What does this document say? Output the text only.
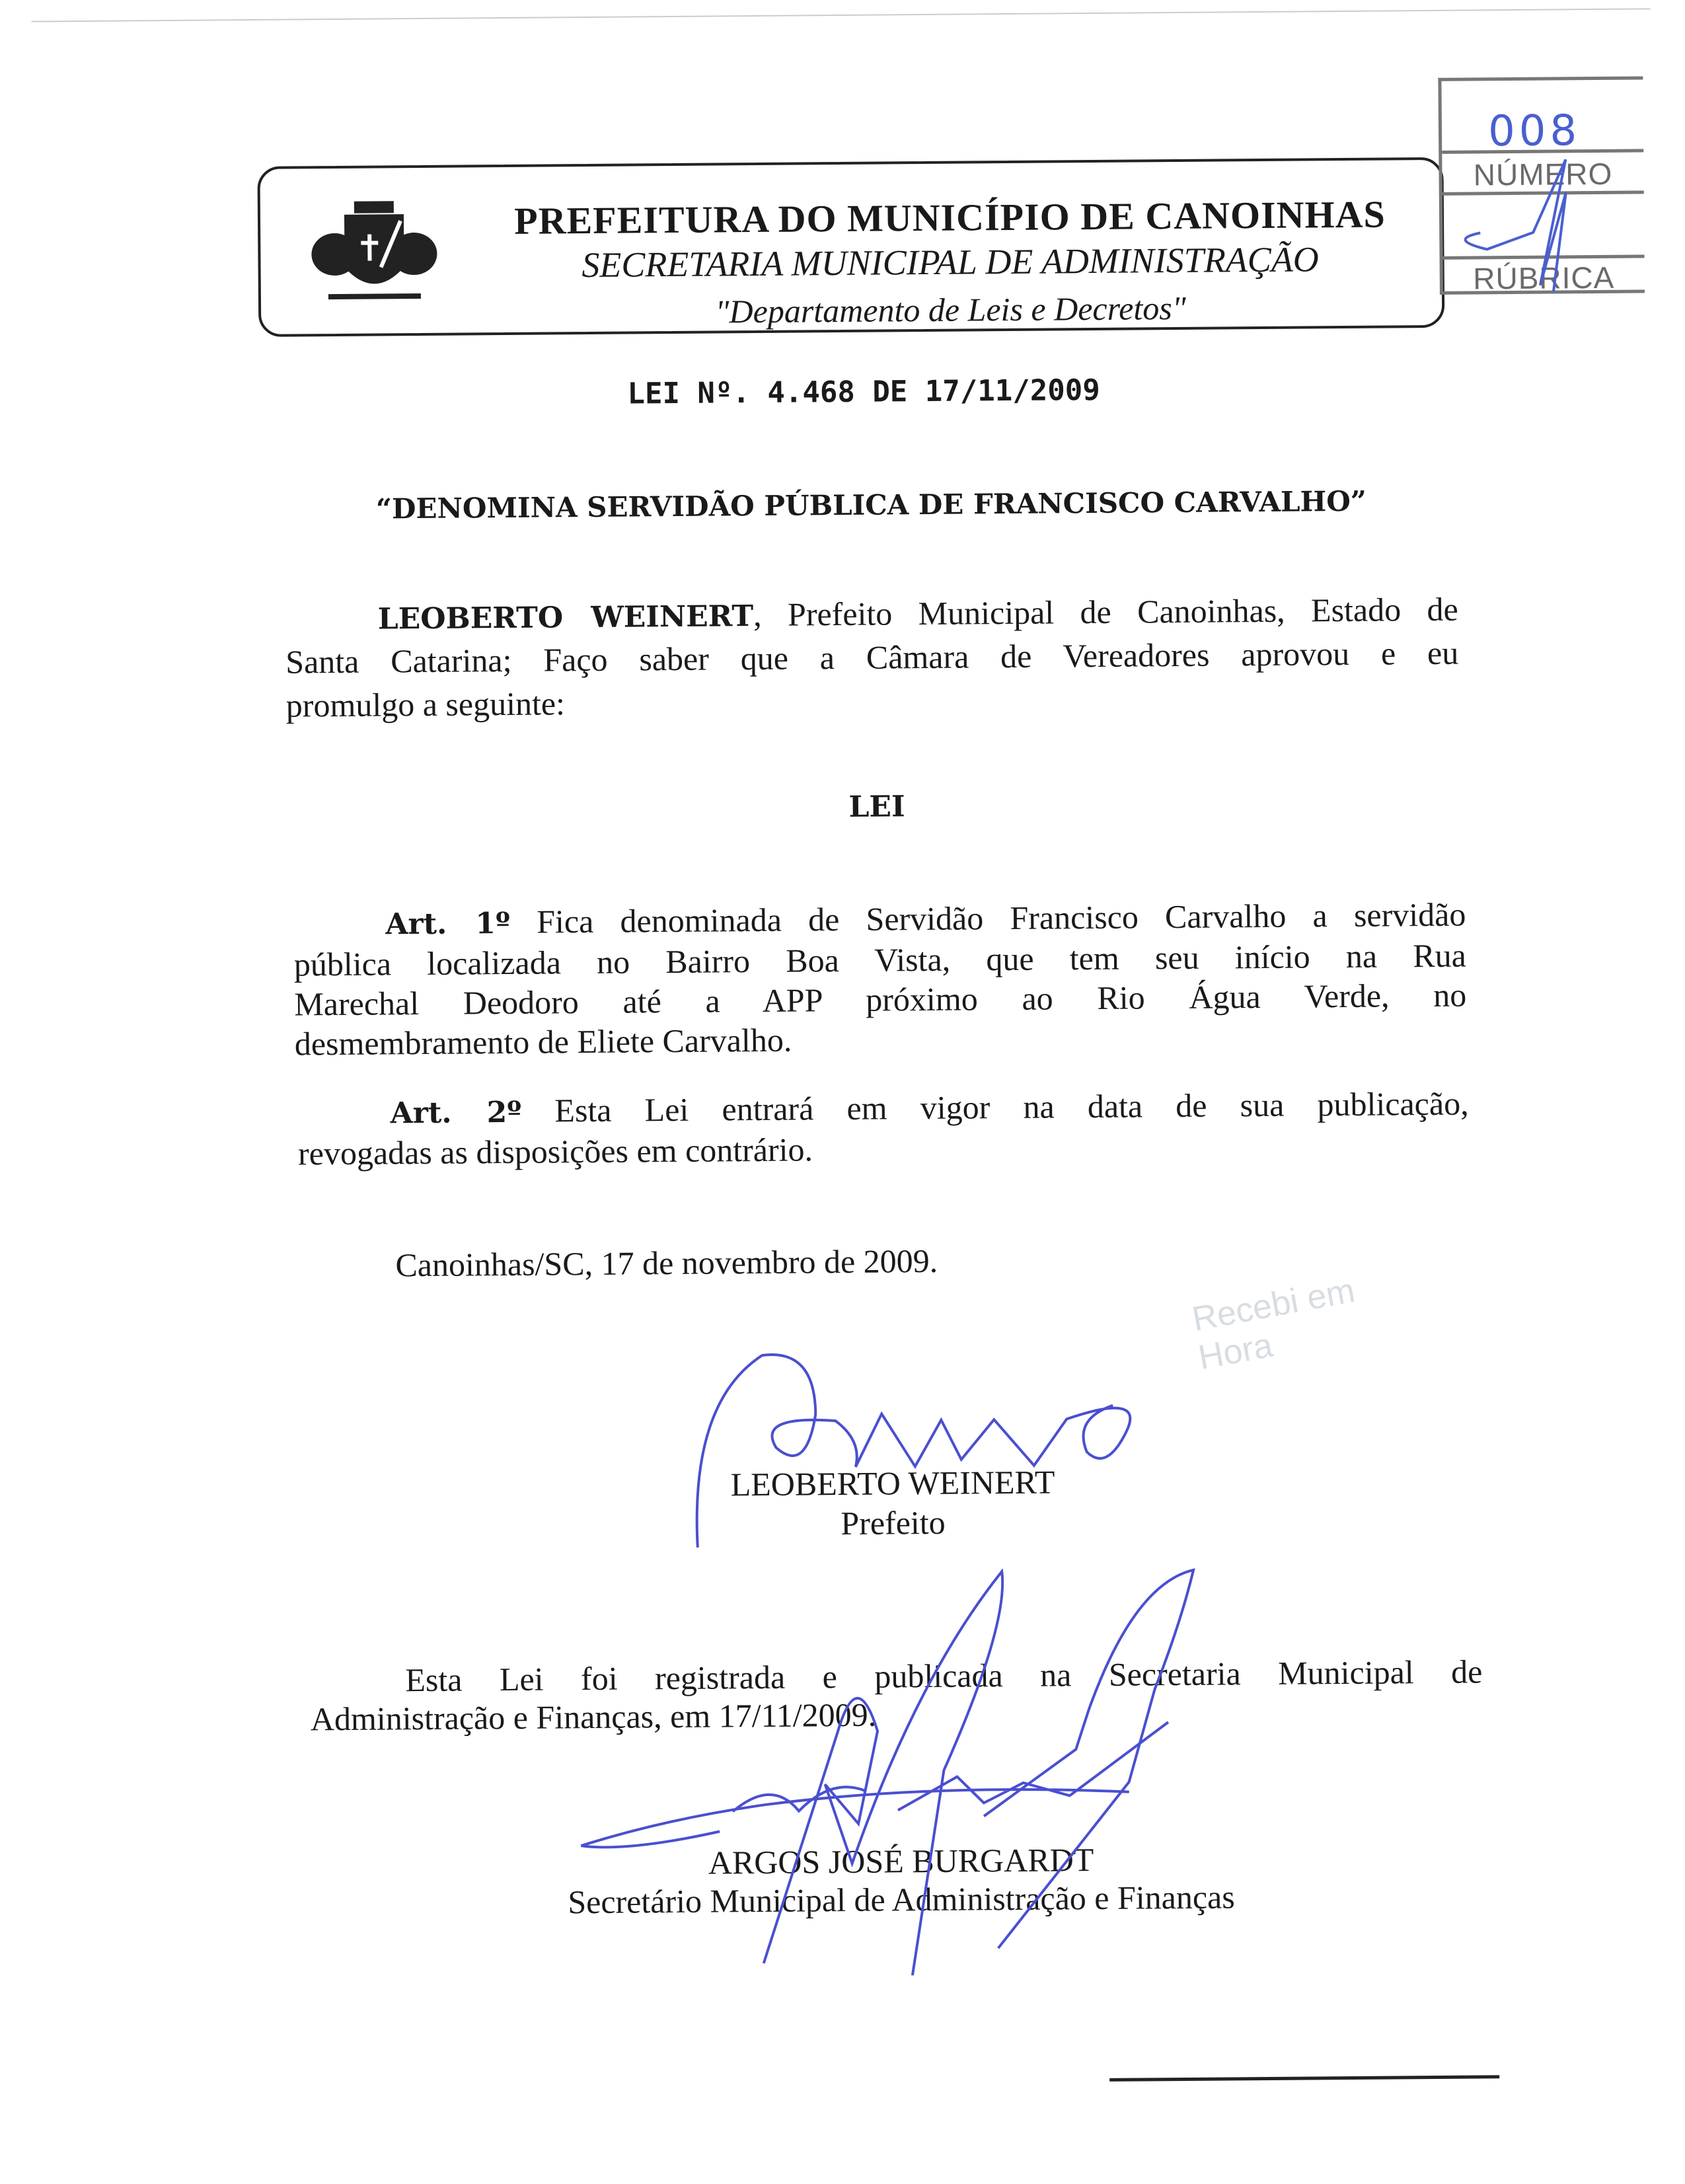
PREFEITURA DO MUNICÍPIO DE CANOINHAS
SECRETARIA MUNICIPAL DE ADMINISTRAÇÃO
"Departamento de Leis e Decretos"
008
NÚMERO
RÚBRICA
LEI Nº. 4.468 DE 17/11/2009
“DENOMINA SERVIDÃO PÚBLICA DE FRANCISCO CARVALHO”
LEOBERTO WEINERT, Prefeito Municipal de Canoinhas, Estado de
Santa Catarina; Faço saber que a Câmara de Vereadores aprovou e eu
promulgo a seguinte:
LEI
Art. 1º Fica denominada de Servidão Francisco Carvalho a servidão
pública localizada no Bairro Boa Vista, que tem seu início na Rua
Marechal Deodoro até a APP próximo ao Rio Água Verde, no
desmembramento de Eliete Carvalho.
Art. 2º Esta Lei entrará em vigor na data de sua publicação,
revogadas as disposições em contrário.
Canoinhas/SC, 17 de novembro de 2009.
Recebi em
Hora
LEOBERTO WEINERT
Prefeito
Esta Lei foi registrada e publicada na Secretaria Municipal de
Administração e Finanças, em 17/11/2009.
ARGOS JOSÉ BURGARDT
Secretário Municipal de Administração e Finanças
